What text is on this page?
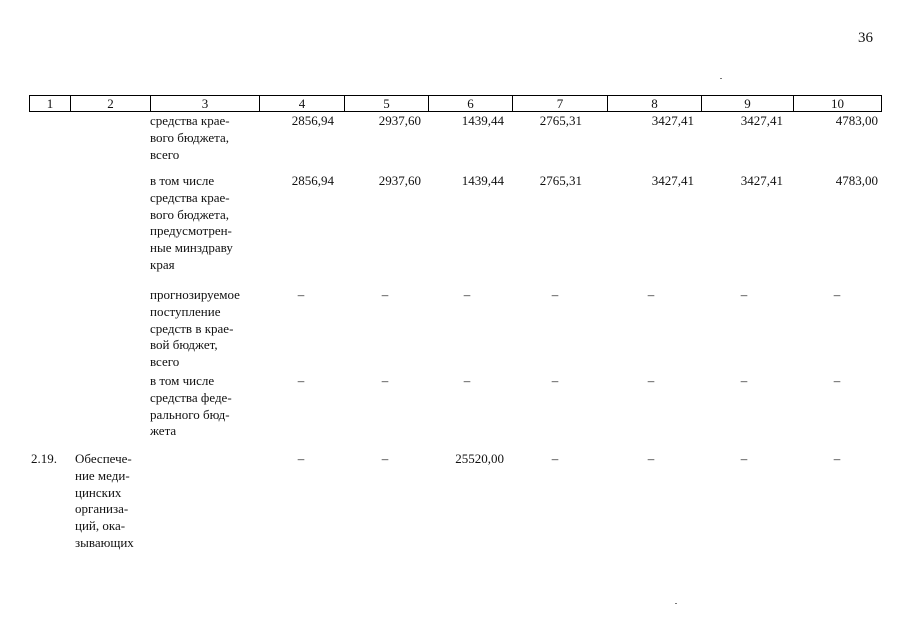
36
1	2	3	4	5	6	7	8	9	10
средства крае-
вого бюджета,
всего
2856,94	2937,60	1439,44	2765,31	3427,41	3427,41	4783,00
в том числе
средства крае-
вого бюджета,
предусмотрен-
ные минздраву
края
2856,94	2937,60	1439,44	2765,31	3427,41	3427,41	4783,00
прогнозируемое
поступление
средств в крае-
вой бюджет,
всего
–	–	–	–	–	–	–
в том числе
средства феде-
рального бюд-
жета
–	–	–	–	–	–	–
2.19. Обеспече-
ние меди-
цинских
организа-
ций, ока-
зывающих
–	–	25520,00	–	–	–	–
